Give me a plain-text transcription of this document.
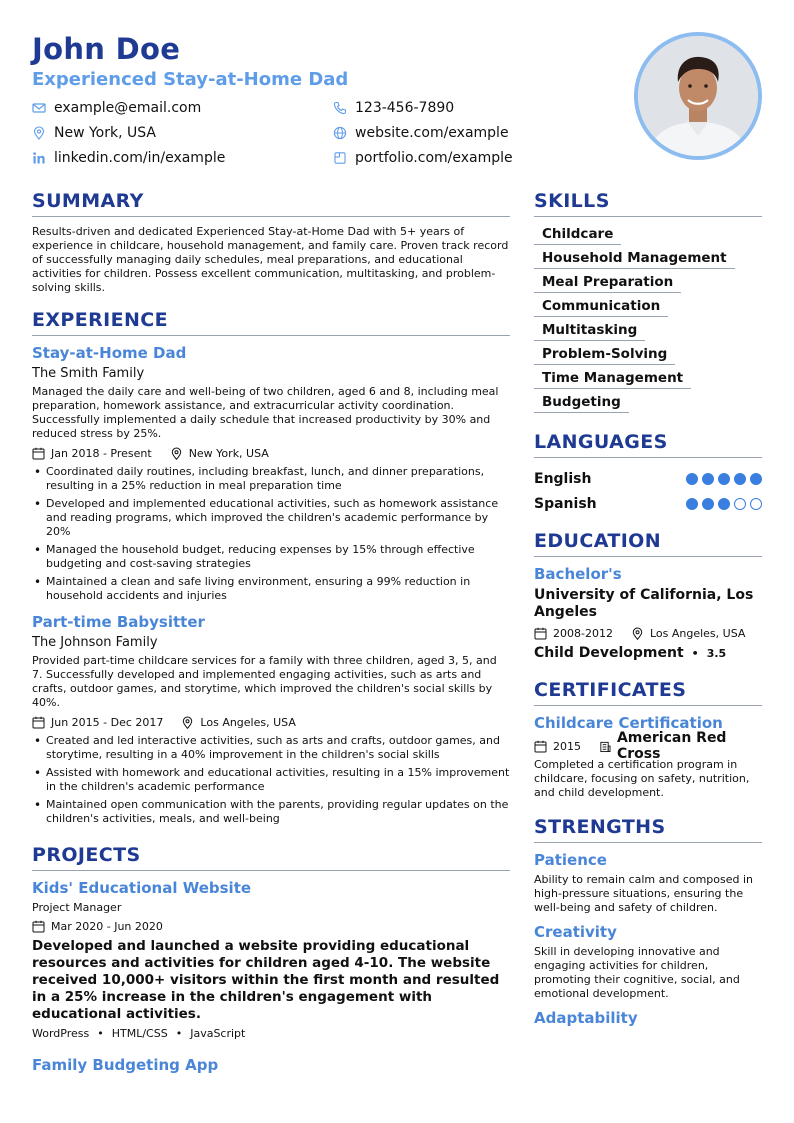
John Doe
Experienced Stay-at-Home Dad
example@email.com	123-456-7890
New York, USA	website.com/example
linkedin.com/in/example	portfolio.com/example
SUMMARY
Results-driven and dedicated Experienced Stay-at-Home Dad with 5+ years of experience in childcare, household management, and family care. Proven track record of successfully managing daily schedules, meal preparations, and educational activities for children. Possess excellent communication, multitasking, and problem-solving skills.
EXPERIENCE
Stay-at-Home Dad
The Smith Family
Managed the daily care and well-being of two children, aged 6 and 8, including meal preparation, homework assistance, and extracurricular activity coordination. Successfully implemented a daily schedule that increased productivity by 30% and reduced stress by 25%.
Jan 2018 - Present	New York, USA
• Coordinated daily routines, including breakfast, lunch, and dinner preparations, resulting in a 25% reduction in meal preparation time
• Developed and implemented educational activities, such as homework assistance and reading programs, which improved the children's academic performance by 20%
• Managed the household budget, reducing expenses by 15% through effective budgeting and cost-saving strategies
• Maintained a clean and safe living environment, ensuring a 99% reduction in household accidents and injuries
Part-time Babysitter
The Johnson Family
Provided part-time childcare services for a family with three children, aged 3, 5, and 7. Successfully developed and implemented engaging activities, such as arts and crafts, outdoor games, and storytime, which improved the children's social skills by 40%.
Jun 2015 - Dec 2017	Los Angeles, USA
• Created and led interactive activities, such as arts and crafts, outdoor games, and storytime, resulting in a 40% improvement in the children's social skills
• Assisted with homework and educational activities, resulting in a 15% improvement in the children's academic performance
• Maintained open communication with the parents, providing regular updates on the children's activities, meals, and well-being
PROJECTS
Kids' Educational Website
Project Manager
Mar 2020 - Jun 2020
Developed and launched a website providing educational resources and activities for children aged 4-10. The website received 10,000+ visitors within the first month and resulted in a 25% increase in the children's engagement with educational activities.
WordPress • HTML/CSS • JavaScript
Family Budgeting App
SKILLS
Childcare
Household Management
Meal Preparation
Communication
Multitasking
Problem-Solving
Time Management
Budgeting
LANGUAGES
English
Spanish
EDUCATION
Bachelor's
University of California, Los Angeles
2008-2012	Los Angeles, USA
Child Development • 3.5
CERTIFICATES
Childcare Certification
2015	American Red Cross
Completed a certification program in childcare, focusing on safety, nutrition, and child development.
STRENGTHS
Patience
Ability to remain calm and composed in high-pressure situations, ensuring the well-being and safety of children.
Creativity
Skill in developing innovative and engaging activities for children, promoting their cognitive, social, and emotional development.
Adaptability
